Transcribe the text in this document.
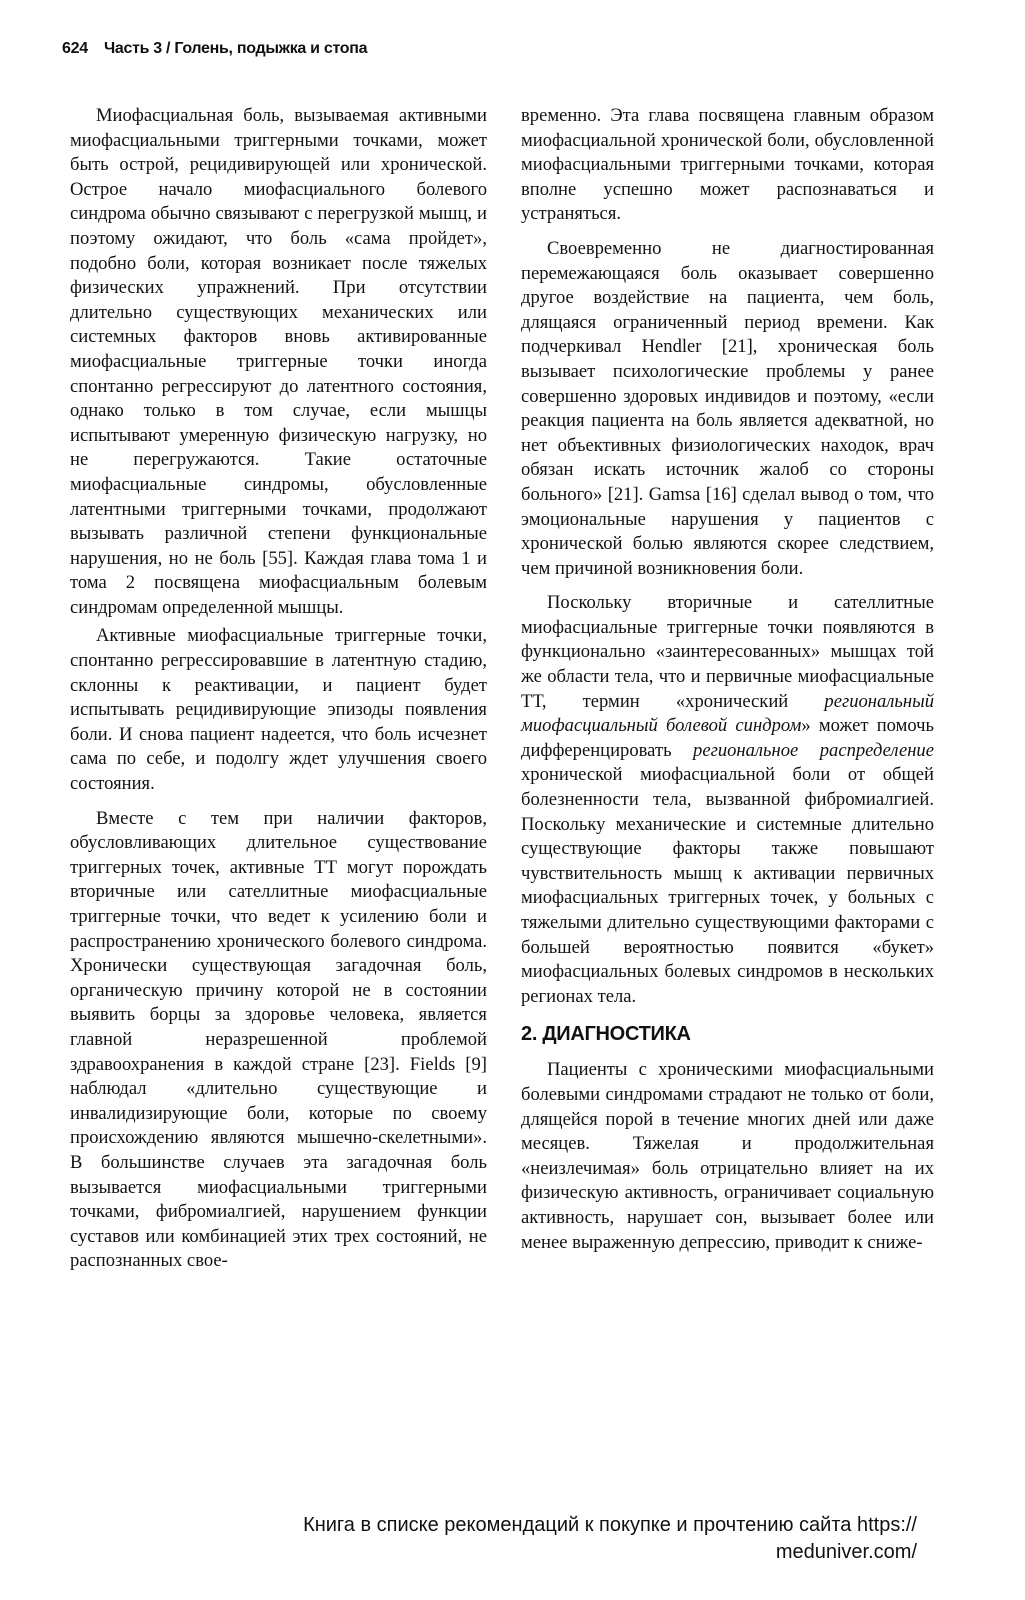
624 Часть 3 / Голень, подыжка и стопа

Миофасциальная боль, вызываемая активными миофасциальными триггерными точками, может быть острой, рецидивирующей или хронической. Острое начало миофасциального болевого синдрома обычно связывают с перегрузкой мышц, и поэтому ожидают, что боль «сама пройдет», подобно боли, которая возникает после тяжелых физических упражнений. При отсутствии длительно существующих механических или системных факторов вновь активированные миофасциальные триггерные точки иногда спонтанно регрессируют до латентного состояния, однако только в том случае, если мышцы испытывают умеренную физическую нагрузку, но не перегружаются. Такие остаточные миофасциальные синдромы, обусловленные латентными триггерными точками, продолжают вызывать различной степени функциональные нарушения, но не боль [55]. Каждая глава тома 1 и тома 2 посвящена миофасциальным болевым синдромам определенной мышцы.

Активные миофасциальные триггерные точки, спонтанно регрессировавшие в латентную стадию, склонны к реактивации, и пациент будет испытывать рецидивирующие эпизоды появления боли. И снова пациент надеется, что боль исчезнет сама по себе, и подолгу ждет улучшения своего состояния.

Вместе с тем при наличии факторов, обусловливающих длительное существование триггерных точек, активные ТТ могут порождать вторичные или сателлитные миофасциальные триггерные точки, что ведет к усилению боли и распространению хронического болевого синдрома. Хронически существующая загадочная боль, органическую причину которой не в состоянии выявить борцы за здоровье человека, является главной неразрешенной проблемой здравоохранения в каждой стране [23]. Fields [9] наблюдал «длительно существующие и инвалидизирующие боли, которые по своему происхождению являются мышечно-скелетными». В большинстве случаев эта загадочная боль вызывается миофасциальными триггерными точками, фибромиалгией, нарушением функции суставов или комбинацией этих трех состояний, не распознанных свое-

временно. Эта глава посвящена главным образом миофасциальной хронической боли, обусловленной миофасциальными триггерными точками, которая вполне успешно может распознаваться и устраняться.

Своевременно не диагностированная перемежающаяся боль оказывает совершенно другое воздействие на пациента, чем боль, длящаяся ограниченный период времени. Как подчеркивал Hendler [21], хроническая боль вызывает психологические проблемы у ранее совершенно здоровых индивидов и поэтому, «если реакция пациента на боль является адекватной, но нет объективных физиологических находок, врач обязан искать источник жалоб со стороны больного» [21]. Gamsa [16] сделал вывод о том, что эмоциональные нарушения у пациентов с хронической болью являются скорее следствием, чем причиной возникновения боли.

Поскольку вторичные и сателлитные миофасциальные триггерные точки появляются в функционально «заинтересованных» мышцах той же области тела, что и первичные миофасциальные ТТ, термин «хронический региональный миофасциальный болевой синдром» может помочь дифференцировать региональное распределение хронической миофасциальной боли от общей болезненности тела, вызванной фибромиалгией. Поскольку механические и системные длительно существующие факторы также повышают чувствительность мышц к активации первичных миофасциальных триггерных точек, у больных с тяжелыми длительно существующими факторами с большей вероятностью появится «букет» миофасциальных болевых синдромов в нескольких регионах тела.

2. ДИАГНОСТИКА

Пациенты с хроническими миофасциальными болевыми синдромами страдают не только от боли, длящейся порой в течение многих дней или даже месяцев. Тяжелая и продолжительная «неизлечимая» боль отрицательно влияет на их физическую активность, ограничивает социальную активность, нарушает сон, вызывает более или менее выраженную депрессию, приводит к сниже-

Книга в списке рекомендаций к покупке и прочтению сайта https://
meduniver.com/
